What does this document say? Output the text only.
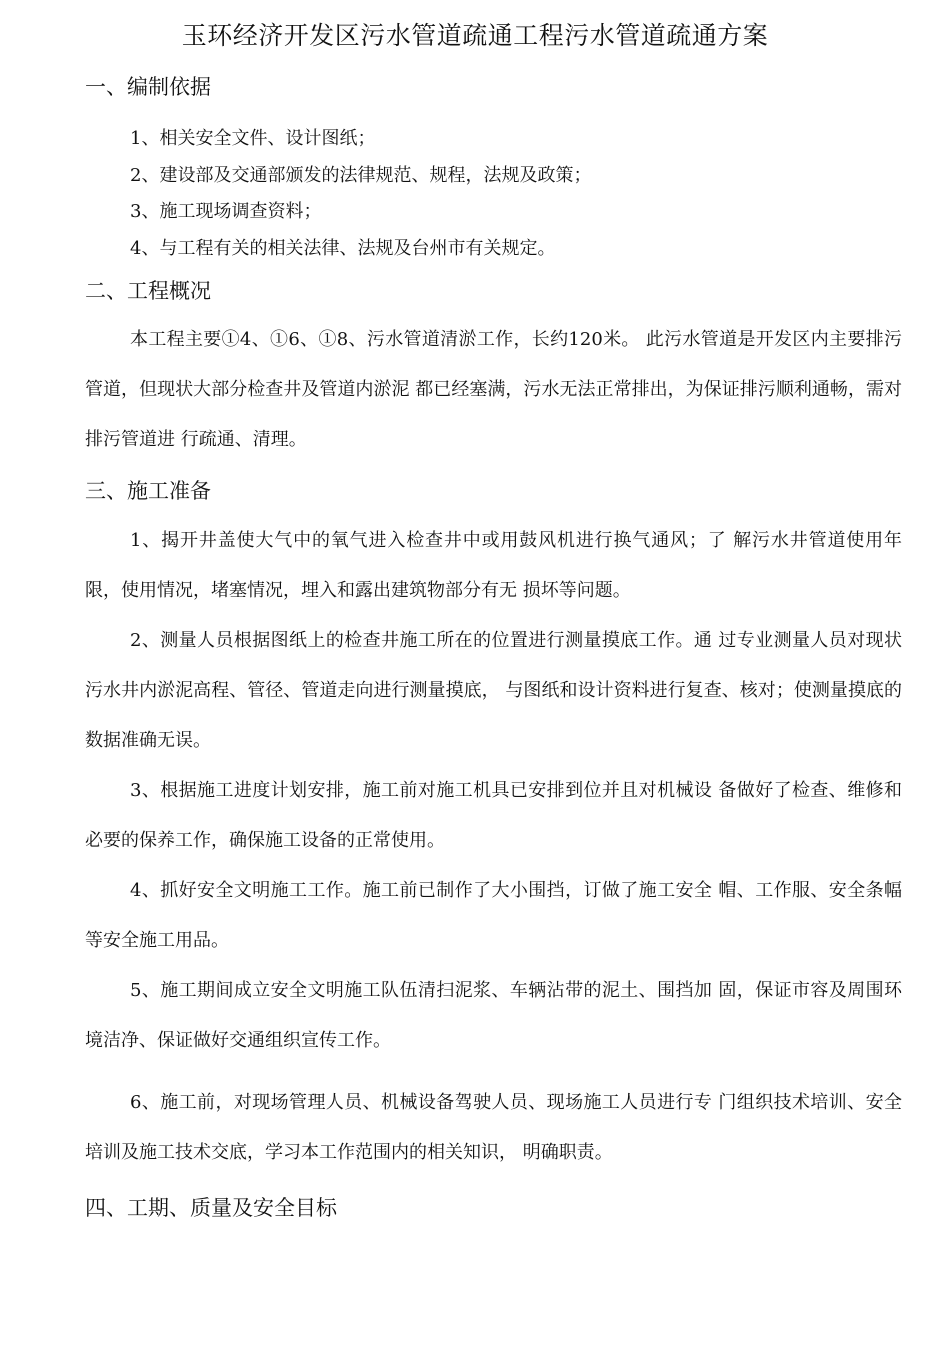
玉环经济开发区污水管道疏通工程污水管道疏通方案
一、编制依据
1、相关安全文件、设计图纸；
2、建设部及交通部颁发的法律规范、规程，法规及政策；
3、施工现场调查资料；
4、与工程有关的相关法律、法规及台州市有关规定。
二、工程概况
本工程主要①4、①6、①8、污水管道清淤工作，长约120米。 此污水管道是开发区内主要排污管道，但现状大部分检查井及管道内淤泥 都已经塞满，污水无法正常排出，为保证排污顺利通畅，需对排污管道进 行疏通、清理。
三、施工准备
1、揭开井盖使大气中的氧气进入检查井中或用鼓风机进行换气通风；了 解污水井管道使用年限，使用情况，堵塞情况，埋入和露出建筑物部分有无 损坏等问题。
2、测量人员根据图纸上的检查井施工所在的位置进行测量摸底工作。通 过专业测量人员对现状污水井内淤泥高程、管径、管道走向进行测量摸底， 与图纸和设计资料进行复查、核对；使测量摸底的数据准确无误。
3、根据施工进度计划安排，施工前对施工机具已安排到位并且对机械设 备做好了检查、维修和必要的保养工作，确保施工设备的正常使用。
4、抓好安全文明施工工作。施工前已制作了大小围挡，订做了施工安全 帽、工作服、安全条幅等安全施工用品。
5、施工期间成立安全文明施工队伍清扫泥浆、车辆沾带的泥土、围挡加 固，保证市容及周围环境洁净、保证做好交通组织宣传工作。
6、施工前，对现场管理人员、机械设备驾驶人员、现场施工人员进行专 门组织技术培训、安全培训及施工技术交底，学习本工作范围内的相关知识， 明确职责。
四、工期、质量及安全目标
